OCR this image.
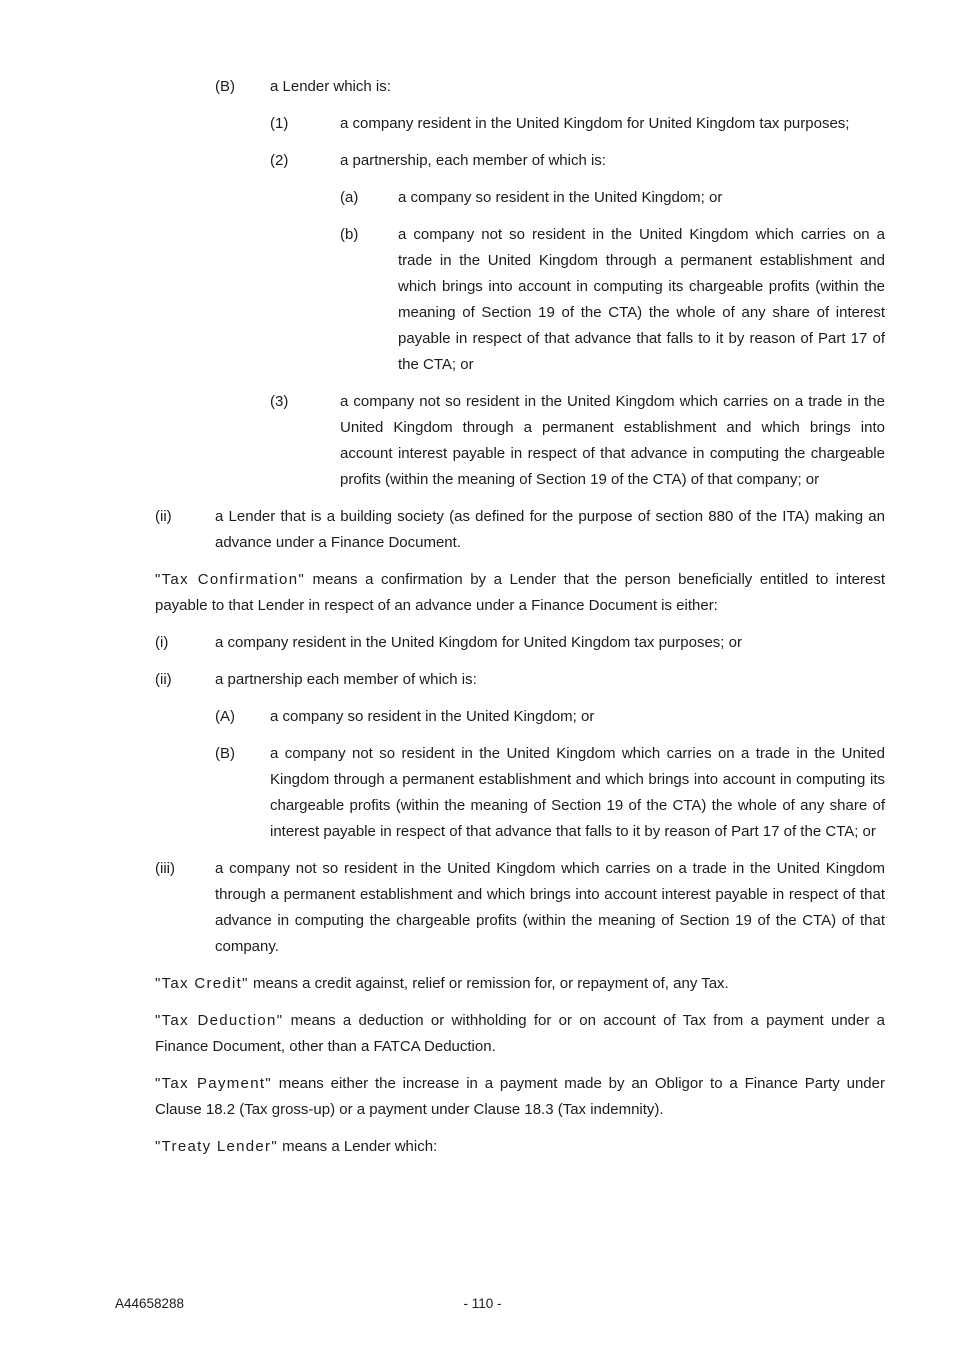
(B) a Lender which is:
(1)	a company resident in the United Kingdom for United Kingdom tax purposes;
(2)	a partnership, each member of which is:
(a)	a company so resident in the United Kingdom; or
(b)	a company not so resident in the United Kingdom which carries on a trade in the United Kingdom through a permanent establishment and which brings into account in computing its chargeable profits (within the meaning of Section 19 of the CTA) the whole of any share of interest payable in respect of that advance that falls to it by reason of Part 17 of the CTA; or
(3)	a company not so resident in the United Kingdom which carries on a trade in the United Kingdom through a permanent establishment and which brings into account interest payable in respect of that advance in computing the chargeable profits (within the meaning of Section 19 of the CTA) of that company; or
(ii)	a Lender that is a building society (as defined for the purpose of section 880 of the ITA) making an advance under a Finance Document.

"Tax Confirmation" means a confirmation by a Lender that the person beneficially entitled to interest payable to that Lender in respect of an advance under a Finance Document is either:

(i)	a company resident in the United Kingdom for United Kingdom tax purposes; or
(ii)	a partnership each member of which is:
(A) a company so resident in the United Kingdom; or
(B) a company not so resident in the United Kingdom which carries on a trade in the United Kingdom through a permanent establishment and which brings into account in computing its chargeable profits (within the meaning of Section 19 of the CTA) the whole of any share of interest payable in respect of that advance that falls to it by reason of Part 17 of the CTA; or
(iii)	a company not so resident in the United Kingdom which carries on a trade in the United Kingdom through a permanent establishment and which brings into account interest payable in respect of that advance in computing the chargeable profits (within the meaning of Section 19 of the CTA) of that company.

"Tax Credit" means a credit against, relief or remission for, or repayment of, any Tax.

"Tax Deduction" means a deduction or withholding for or on account of Tax from a payment under a Finance Document, other than a FATCA Deduction.

"Tax Payment" means either the increase in a payment made by an Obligor to a Finance Party under Clause 18.2 (Tax gross-up) or a payment under Clause 18.3 (Tax indemnity).

"Treaty Lender" means a Lender which:

A44658288	- 110 -
